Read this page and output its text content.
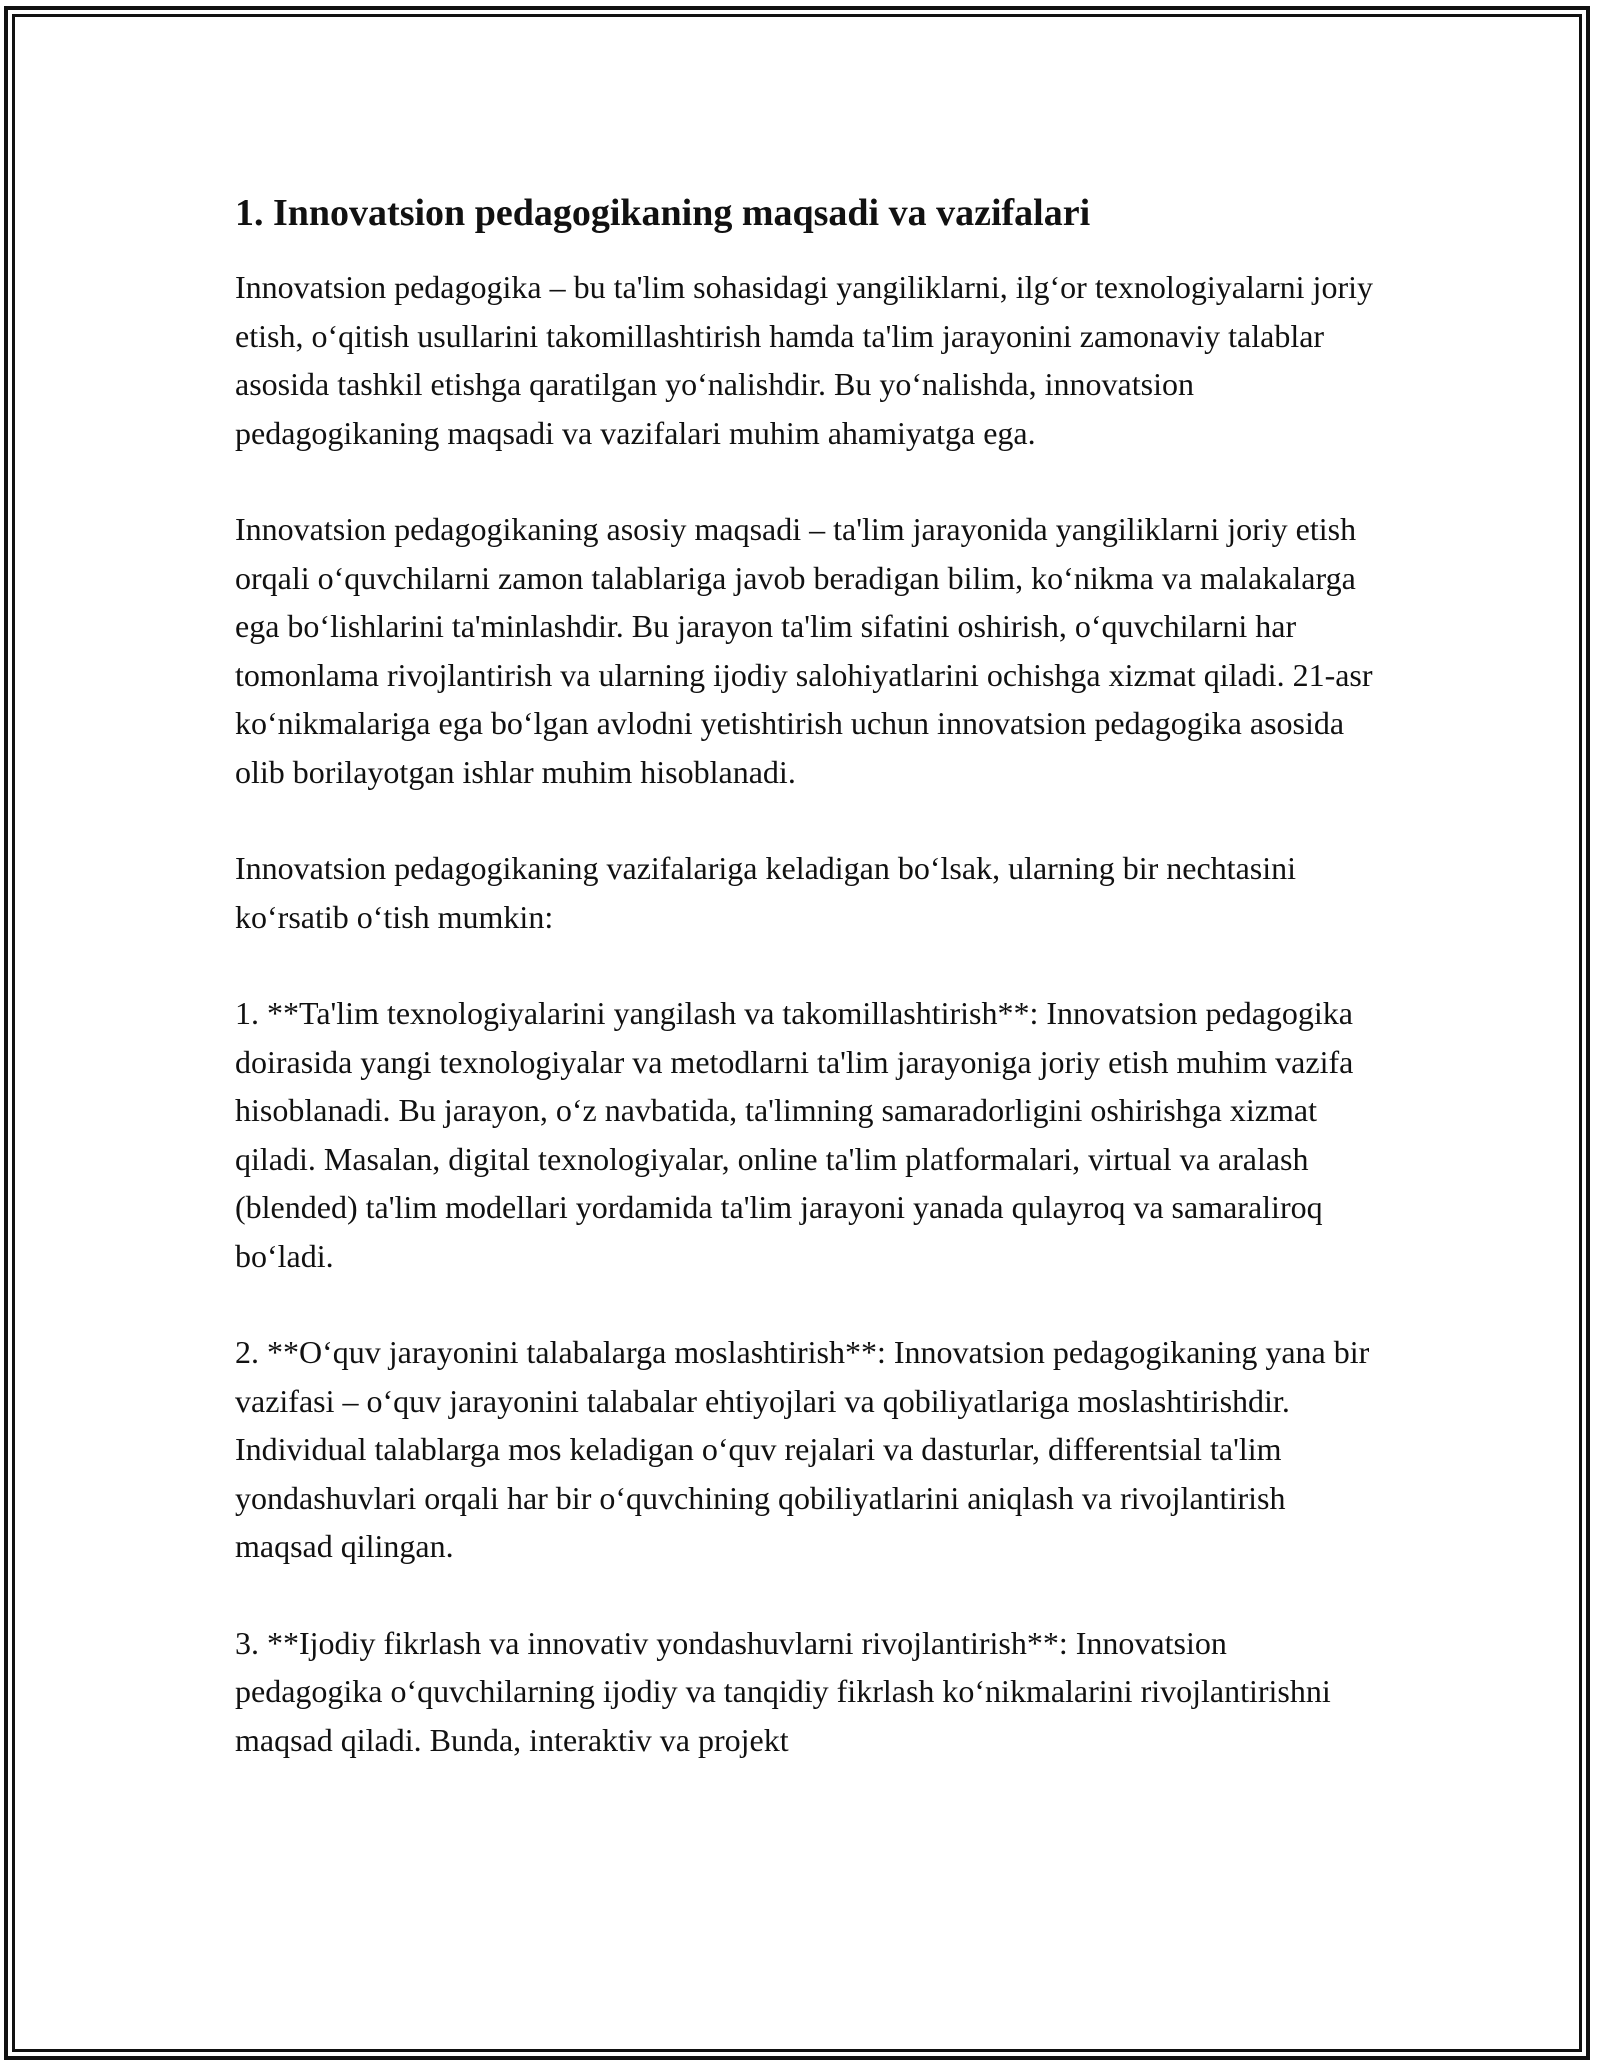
1. Innovatsion pedagogikaning maqsadi va vazifalari

Innovatsion pedagogika – bu ta'lim sohasidagi yangiliklarni, ilg‘or texnologiyalarni joriy etish, o‘qitish usullarini takomillashtirish hamda ta'lim jarayonini zamonaviy talablar asosida tashkil etishga qaratilgan yo‘nalishdir. Bu yo‘nalishda, innovatsion pedagogikaning maqsadi va vazifalari muhim ahamiyatga ega.

Innovatsion pedagogikaning asosiy maqsadi – ta'lim jarayonida yangiliklarni joriy etish orqali o‘quvchilarni zamon talablariga javob beradigan bilim, ko‘nikma va malakalarga ega bo‘lishlarini ta'minlashdir. Bu jarayon ta'lim sifatini oshirish, o‘quvchilarni har tomonlama rivojlantirish va ularning ijodiy salohiyatlarini ochishga xizmat qiladi. 21-asr ko‘nikmalariga ega bo‘lgan avlodni yetishtirish uchun innovatsion pedagogika asosida olib borilayotgan ishlar muhim hisoblanadi.

Innovatsion pedagogikaning vazifalariga keladigan bo‘lsak, ularning bir nechtasini ko‘rsatib o‘tish mumkin:

1. **Ta'lim texnologiyalarini yangilash va takomillashtirish**: Innovatsion pedagogika doirasida yangi texnologiyalar va metodlarni ta'lim jarayoniga joriy etish muhim vazifa hisoblanadi. Bu jarayon, o‘z navbatida, ta'limning samaradorligini oshirishga xizmat qiladi. Masalan, digital texnologiyalar, online ta'lim platformalari, virtual va aralash (blended) ta'lim modellari yordamida ta'lim jarayoni yanada qulayroq va samaraliroq bo‘ladi.

2. **O‘quv jarayonini talabalarga moslashtirish**: Innovatsion pedagogikaning yana bir vazifasi – o‘quv jarayonini talabalar ehtiyojlari va qobiliyatlariga moslashtirishdir. Individual talablarga mos keladigan o‘quv rejalari va dasturlar, differentsial ta'lim yondashuvlari orqali har bir o‘quvchining qobiliyatlarini aniqlash va rivojlantirish maqsad qilingan.

3. **Ijodiy fikrlash va innovativ yondashuvlarni rivojlantirish**: Innovatsion pedagogika o‘quvchilarning ijodiy va tanqidiy fikrlash ko‘nikmalarini rivojlantirishni maqsad qiladi. Bunda, interaktiv va projekt
